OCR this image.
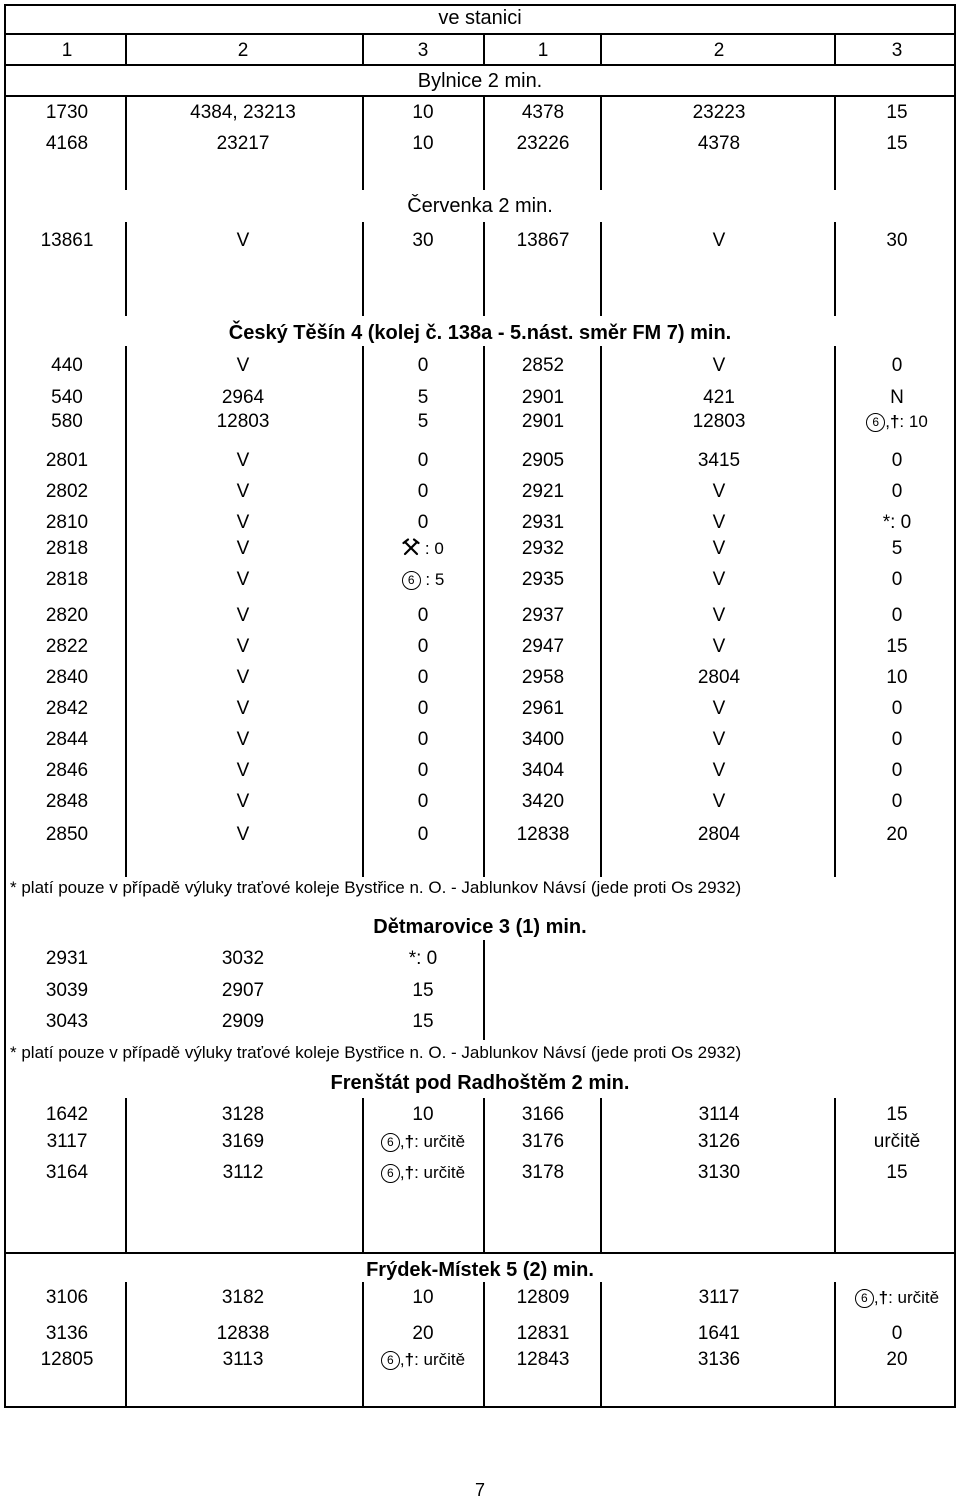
ve stanici
7
1	2	3	1	2	3
Bylnice 2 min.
Červenka 2 min.
Český Těšín 4 (kolej č. 138a - 5.nást. směr FM 7) min.
Dětmarovice 3 (1) min.
Frenštát pod Radhoštěm 2 min.
Frýdek-Místek 5 (2) min.
* platí pouze v případě výluky traťové koleje Bystřice n. O. - Jablunkov Návsí (jede proti Os 2932)
* platí pouze v případě výluky traťové koleje Bystřice n. O. - Jablunkov Návsí (jede proti Os 2932)
1730	4384, 23213	10	4378	23223	15
4168	23217	10	23226	4378	15
13861	V	30	13867	V	30
440	V	0	2852	V	0
540	2964	5	2901	421	N
580	12803	5	2901	12803	6 ,†: 10
2801	V	0	2905	3415	0
2802	V	0	2921	V	0
2810	V	0	2931	V	*: 0
2818	V	: 0	2932	V	5
2818	V	6 : 5	2935	V	0
2820	V	0	2937	V	0
2822	V	0	2947	V	15
2840	V	0	2958	2804	10
2842	V	0	2961	V	0
2844	V	0	3400	V	0
2846	V	0	3404	V	0
2848	V	0	3420	V	0
2850	V	0	12838	2804	20
2931	3032	*: 0
3039	2907	15
3043	2909	15
1642	3128	10	3166	3114	15
3117	3169	6 ,†: určitě	3176	3126	určitě
3164	3112	6 ,†: určitě	3178	3130	15
3106	3182	10	12809	3117	6 ,†: určitě
3136	12838	20	12831	1641	0
12805	3113	6 ,†: určitě	12843	3136	20
